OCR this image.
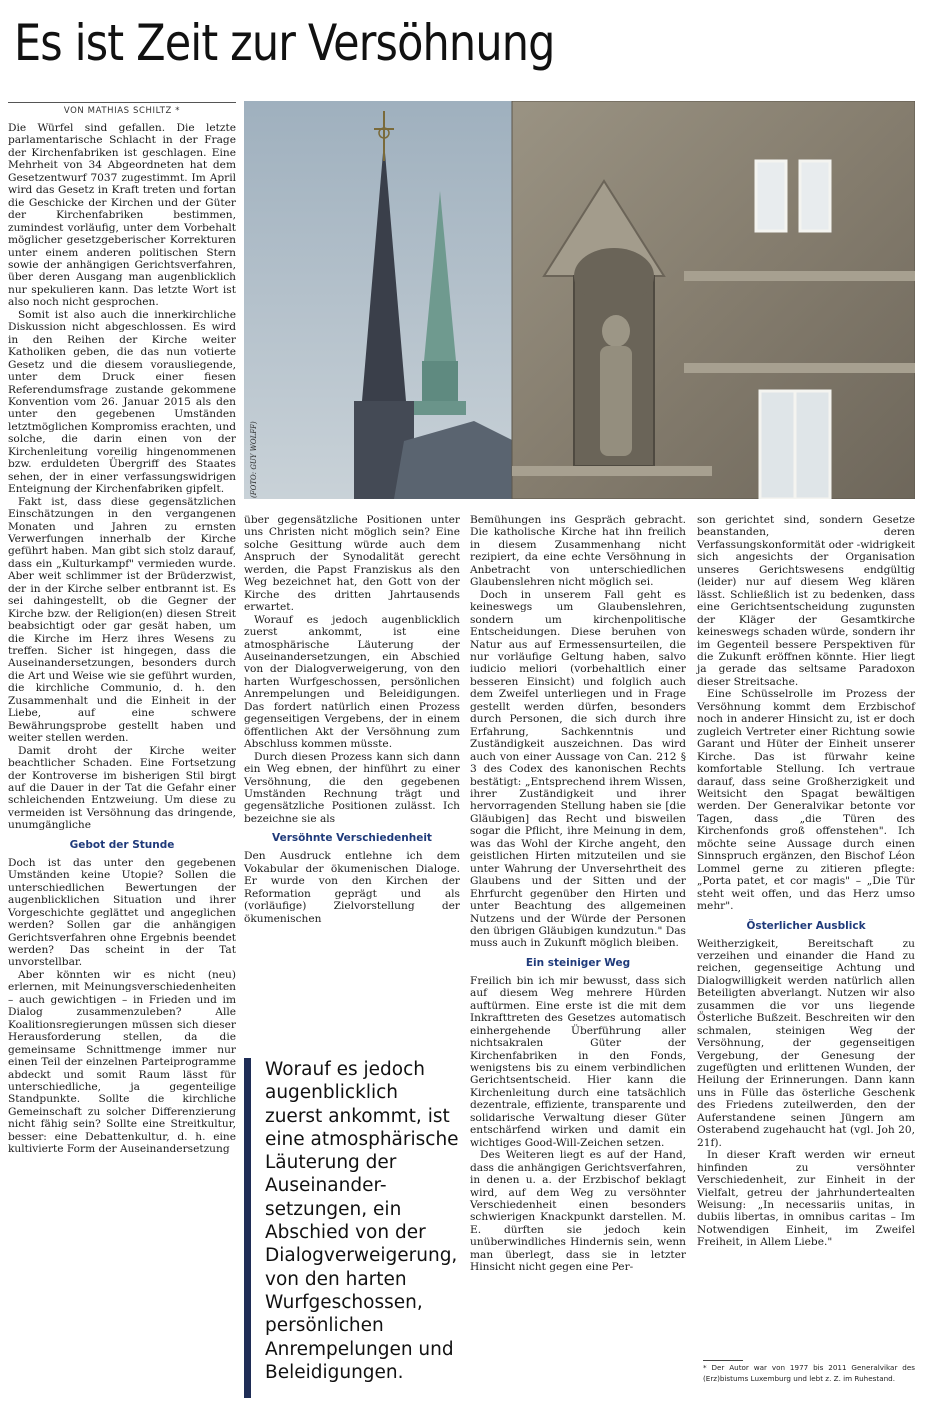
Es ist Zeit zur Versöhnung
VON MATHIAS SCHILTZ *
(FOTO: GUY WOLFF)

Die Würfel sind gefallen. Die letzte parlamentarische Schlacht in der Frage der Kirchenfabriken ist geschlagen. Eine Mehrheit von 34 Abgeordneten hat dem Gesetzentwurf 7037 zugestimmt. Im April wird das Gesetz in Kraft treten und fortan die Geschicke der Kirchen und der Güter der Kirchenfabriken bestimmen, zumindest vorläufig, unter dem Vorbehalt möglicher gesetzgeberischer Korrekturen unter einem anderen politischen Stern sowie der anhängigen Gerichtsverfahren, über deren Ausgang man augenblicklich nur spekulieren kann. Das letzte Wort ist also noch nicht gesprochen.

Somit ist also auch die innerkirchliche Diskussion nicht abgeschlossen. Es wird in den Reihen der Kirche weiter Katholiken geben, die das nun votierte Gesetz und die diesem vorausliegende, unter dem Druck einer fiesen Referendumsfrage zustande gekommene Konvention vom 26. Januar 2015 als den unter den gegebenen Umständen letztmöglichen Kompromiss erachten, und solche, die darin einen von der Kirchenleitung voreilig hingenommenen bzw. erduldeten Übergriff des Staates sehen, der in einer verfassungswidrigen Enteignung der Kirchenfabriken gipfelt.

Fakt ist, dass diese gegensätzlichen Einschätzungen in den vergangenen Monaten und Jahren zu ernsten Verwerfungen innerhalb der Kirche geführt haben. Man gibt sich stolz darauf, dass ein „Kulturkampf" vermieden wurde. Aber weit schlimmer ist der Brüderzwist, der in der Kirche selber entbrannt ist. Es sei dahingestellt, ob die Gegner der Kirche bzw. der Religion(en) diesen Streit beabsichtigt oder gar gesät haben, um die Kirche im Herz ihres Wesens zu treffen. Sicher ist hingegen, dass die Auseinandersetzungen, besonders durch die Art und Weise wie sie geführt wurden, die kirchliche Communio, d. h. den Zusammenhalt und die Einheit in der Liebe, auf eine schwere Bewährungsprobe gestellt haben und weiter stellen werden.

Damit droht der Kirche weiter beachtlicher Schaden. Eine Fortsetzung der Kontroverse im bisherigen Stil birgt auf die Dauer in der Tat die Gefahr einer schleichenden Entzweiung. Um diese zu vermeiden ist Versöhnung das dringende, unumgängliche

Gebot der Stunde

Doch ist das unter den gegebenen Umständen keine Utopie? Sollen die unterschiedlichen Bewertungen der augenblicklichen Situation und ihrer Vorgeschichte geglättet und angeglichen werden? Sollen gar die anhängigen Gerichtsverfahren ohne Ergebnis beendet werden? Das scheint in der Tat unvorstellbar.

Aber könnten wir es nicht (neu) erlernen, mit Meinungsverschiedenheiten – auch gewichtigen – in Frieden und im Dialog zusammenzuleben? Alle Koalitionsregierungen müssen sich dieser Herausforderung stellen, da die gemeinsame Schnittmenge immer nur einen Teil der einzelnen Parteiprogramme abdeckt und somit Raum lässt für unterschiedliche, ja gegenteilige Standpunkte. Sollte die kirchliche Gemeinschaft zu solcher Differenzierung nicht fähig sein? Sollte eine Streitkultur, besser: eine Debattenkultur, d. h. eine kultivierte Form der Auseinandersetzung

über gegensätzliche Positionen unter uns Christen nicht möglich sein? Eine solche Gesittung würde auch dem Anspruch der Synodalität gerecht werden, die Papst Franziskus als den Weg bezeichnet hat, den Gott von der Kirche des dritten Jahrtausends erwartet.

Worauf es jedoch augenblicklich zuerst ankommt, ist eine atmosphärische Läuterung der Auseinandersetzungen, ein Abschied von der Dialogverweigerung, von den harten Wurfgeschossen, persönlichen Anrempelungen und Beleidigungen. Das fordert natürlich einen Prozess gegenseitigen Vergebens, der in einem öffentlichen Akt der Versöhnung zum Abschluss kommen müsste.

Durch diesen Prozess kann sich dann ein Weg ebnen, der hinführt zu einer Versöhnung, die den gegebenen Umständen Rechnung trägt und gegensätzliche Positionen zulässt. Ich bezeichne sie als

Versöhnte Verschiedenheit

Den Ausdruck entlehne ich dem Vokabular der ökumenischen Dialoge. Er wurde von den Kirchen der Reformation geprägt und als (vorläufige) Zielvorstellung der ökumenischen

Worauf es jedoch augenblicklich zuerst ankommt, ist eine atmosphärische Läuterung der Auseinander-setzungen, ein Abschied von der Dialogverweigerung, von den harten Wurfgeschossen, persönlichen Anrempelungen und Beleidigungen.

Bemühungen ins Gespräch gebracht. Die katholische Kirche hat ihn freilich in diesem Zusammenhang nicht rezipiert, da eine echte Versöhnung in Anbetracht von unterschiedlichen Glaubenslehren nicht möglich sei.

Doch in unserem Fall geht es keineswegs um Glaubenslehren, sondern um kirchenpolitische Entscheidungen. Diese beruhen von Natur aus auf Ermessensurteilen, die nur vorläufige Geltung haben, salvo iudicio meliori (vorbehaltlich einer besseren Einsicht) und folglich auch dem Zweifel unterliegen und in Frage gestellt werden dürfen, besonders durch Personen, die sich durch ihre Erfahrung, Sachkenntnis und Zuständigkeit auszeichnen. Das wird auch von einer Aussage von Can. 212 § 3 des Codex des kanonischen Rechts bestätigt: „Entsprechend ihrem Wissen, ihrer Zuständigkeit und ihrer hervorragenden Stellung haben sie [die Gläubigen] das Recht und bisweilen sogar die Pflicht, ihre Meinung in dem, was das Wohl der Kirche angeht, den geistlichen Hirten mitzuteilen und sie unter Wahrung der Unversehrtheit des Glaubens und der Sitten und der Ehrfurcht gegenüber den Hirten und unter Beachtung des allgemeinen Nutzens und der Würde der Personen den übrigen Gläubigen kundzutun." Das muss auch in Zukunft möglich bleiben.

Ein steiniger Weg

Freilich bin ich mir bewusst, dass sich auf diesem Weg mehrere Hürden auftürmen. Eine erste ist die mit dem Inkrafttreten des Gesetzes automatisch einhergehende Überführung aller nichtsakralen Güter der Kirchenfabriken in den Fonds, wenigstens bis zu einem verbindlichen Gerichtsentscheid. Hier kann die Kirchenleitung durch eine tatsächlich dezentrale, effiziente, transparente und solidarische Verwaltung dieser Güter entschärfend wirken und damit ein wichtiges Good-Will-Zeichen setzen.

Des Weiteren liegt es auf der Hand, dass die anhängigen Gerichtsverfahren, in denen u. a. der Erzbischof beklagt wird, auf dem Weg zu versöhnter Verschiedenheit einen besonders schwierigen Knackpunkt darstellen. M. E. dürften sie jedoch kein unüberwindliches Hindernis sein, wenn man überlegt, dass sie in letzter Hinsicht nicht gegen eine Per-

son gerichtet sind, sondern Gesetze beanstanden, deren Verfassungskonformität oder -widrigkeit sich angesichts der Organisation unseres Gerichtswesens endgültig (leider) nur auf diesem Weg klären lässt. Schließlich ist zu bedenken, dass eine Gerichtsentscheidung zugunsten der Kläger der Gesamtkirche keineswegs schaden würde, sondern ihr im Gegenteil bessere Perspektiven für die Zukunft eröffnen könnte. Hier liegt ja gerade das seltsame Paradoxon dieser Streitsache.

Eine Schüsselrolle im Prozess der Versöhnung kommt dem Erzbischof noch in anderer Hinsicht zu, ist er doch zugleich Vertreter einer Richtung sowie Garant und Hüter der Einheit unserer Kirche. Das ist fürwahr keine komfortable Stellung. Ich vertraue darauf, dass seine Großherzigkeit und Weitsicht den Spagat bewältigen werden. Der Generalvikar betonte vor Tagen, dass „die Türen des Kirchenfonds groß offenstehen". Ich möchte seine Aussage durch einen Sinnspruch ergänzen, den Bischof Léon Lommel gerne zu zitieren pflegte: „Porta patet, et cor magis" – „Die Tür steht weit offen, und das Herz umso mehr".

Österlicher Ausblick

Weitherzigkeit, Bereitschaft zu verzeihen und einander die Hand zu reichen, gegenseitige Achtung und Dialogwilligkeit werden natürlich allen Beteiligten abverlangt. Nutzen wir also zusammen die vor uns liegende Österliche Bußzeit. Beschreiten wir den schmalen, steinigen Weg der Versöhnung, der gegenseitigen Vergebung, der Genesung der zugefügten und erlittenen Wunden, der Heilung der Erinnerungen. Dann kann uns in Fülle das österliche Geschenk des Friedens zuteilwerden, den der Auferstandene seinen Jüngern am Osterabend zugehaucht hat (vgl. Joh 20, 21f).

In dieser Kraft werden wir erneut hinfinden zu versöhnter Verschiedenheit, zur Einheit in der Vielfalt, getreu der jahrhundertealten Weisung: „In necessariis unitas, in dubiis libertas, in omnibus caritas – Im Notwendigen Einheit, im Zweifel Freiheit, in Allem Liebe."

* Der Autor war von 1977 bis 2011 Generalvikar des (Erz)bistums Luxemburg und lebt z. Z. im Ruhestand.
